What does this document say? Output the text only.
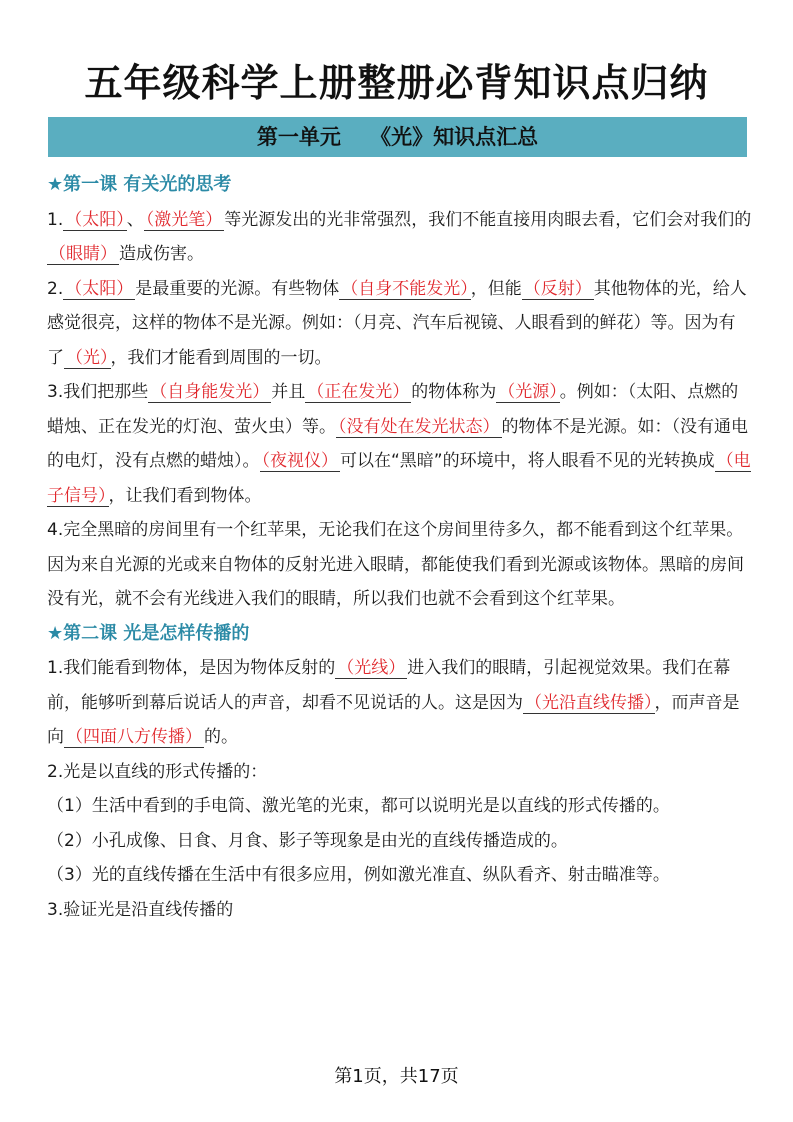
五年级科学上册整册必背知识点归纳
第一单元 《光》知识点汇总
★第一课 有关光的思考

1. （太阳） 、 （激光笔） 等光源发出的光非常强烈，我们不能直接用肉眼去看，它们会对我们的（眼睛） 造成伤害。

2. （太阳） 是最重要的光源。有些物体 （自身不能发光） ，但能 （反射） 其他物体的光，给人感觉很亮，这样的物体不是光源。例如：（月亮、汽车后视镜、人眼看到的鲜花）等。因为有了 （光） ，我们才能看到周围的一切。

3.我们把那些 （自身能发光） 并且 （正在发光） 的物体称为 （光源） 。例如：（太阳、点燃的蜡烛、正在发光的灯泡、萤火虫）等。 （没有处在发光状态） 的物体不是光源。如：（没有通电的电灯，没有点燃的蜡烛）。 （夜视仪） 可以在“黑暗”的环境中，将人眼看不见的光转换成 （电子信号） ，让我们看到物体。

4.完全黑暗的房间里有一个红苹果，无论我们在这个房间里待多久，都不能看到这个红苹果。因为来自光源的光或来自物体的反射光进入眼睛，都能使我们看到光源或该物体。黑暗的房间没有光，就不会有光线进入我们的眼睛，所以我们也就不会看到这个红苹果。

★第二课 光是怎样传播的

1.我们能看到物体，是因为物体反射的 （光线） 进入我们的眼睛，引起视觉效果。我们在幕前，能够听到幕后说话人的声音，却看不见说话的人。这是因为 （光沿直线传播） ，而声音是向 （四面八方传播） 的。

2.光是以直线的形式传播的：

（1）生活中看到的手电筒、激光笔的光束，都可以说明光是以直线的形式传播的。

（2）小孔成像、日食、月食、影子等现象是由光的直线传播造成的。

（3）光的直线传播在生活中有很多应用，例如激光准直、纵队看齐、射击瞄准等。

3.验证光是沿直线传播的

第1页，共17页
